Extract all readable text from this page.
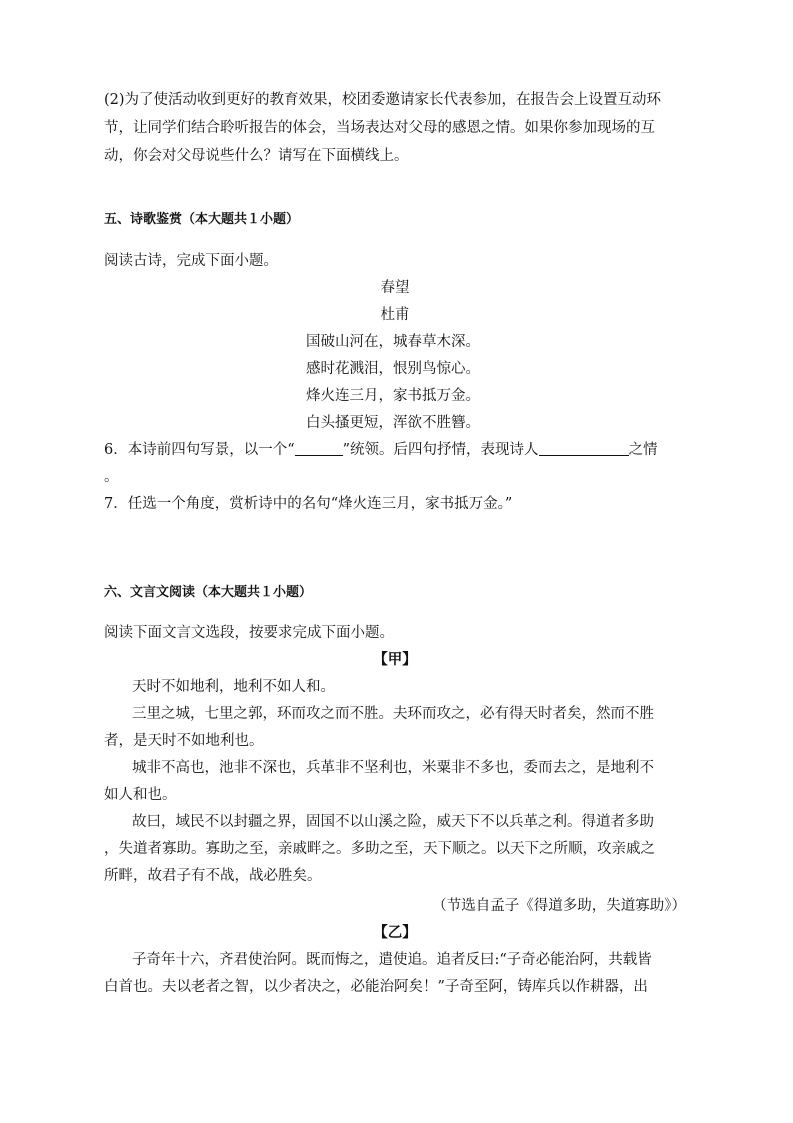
(2)为了使活动收到更好的教育效果，校团委邀请家长代表参加，在报告会上设置互动环
节，让同学们结合聆听报告的体会，当场表达对父母的感恩之情。如果你参加现场的互
动，你会对父母说些什么？请写在下面横线上。
五、诗歌鉴赏（本大题共１小题）
阅读古诗，完成下面小题。
春望
杜甫
国破山河在，城春草木深。
感时花溅泪，恨别鸟惊心。
烽火连三月，家书抵万金。
白头搔更短，浑欲不胜簪。
6．本诗前四句写景，以一个“	”统领。后四句抒情，表现诗人	之情
。
7．任选一个角度，赏析诗中的名句“烽火连三月，家书抵万金。”
六、文言文阅读（本大题共１小题）
阅读下面文言文选段，按要求完成下面小题。
【甲】
天时不如地利，地利不如人和。
三里之城，七里之郭，环而攻之而不胜。夫环而攻之，必有得天时者矣，然而不胜
者，是天时不如地利也。
城非不高也，池非不深也，兵革非不坚利也，米粟非不多也，委而去之，是地利不
如人和也。
故曰，域民不以封疆之界，固国不以山溪之险，威天下不以兵革之利。得道者多助
，失道者寡助。寡助之至，亲戚畔之。多助之至，天下顺之。以天下之所顺，攻亲戚之
所畔，故君子有不战，战必胜矣。
（节选自孟子《得道多助，失道寡助》）
【乙】
子奇年十六，齐君使治阿。既而悔之，遣使追。追者反曰:“子奇必能治阿，共载皆
白首也。夫以老者之智，以少者决之，必能治阿矣！”子奇至阿，铸库兵以作耕器，出
